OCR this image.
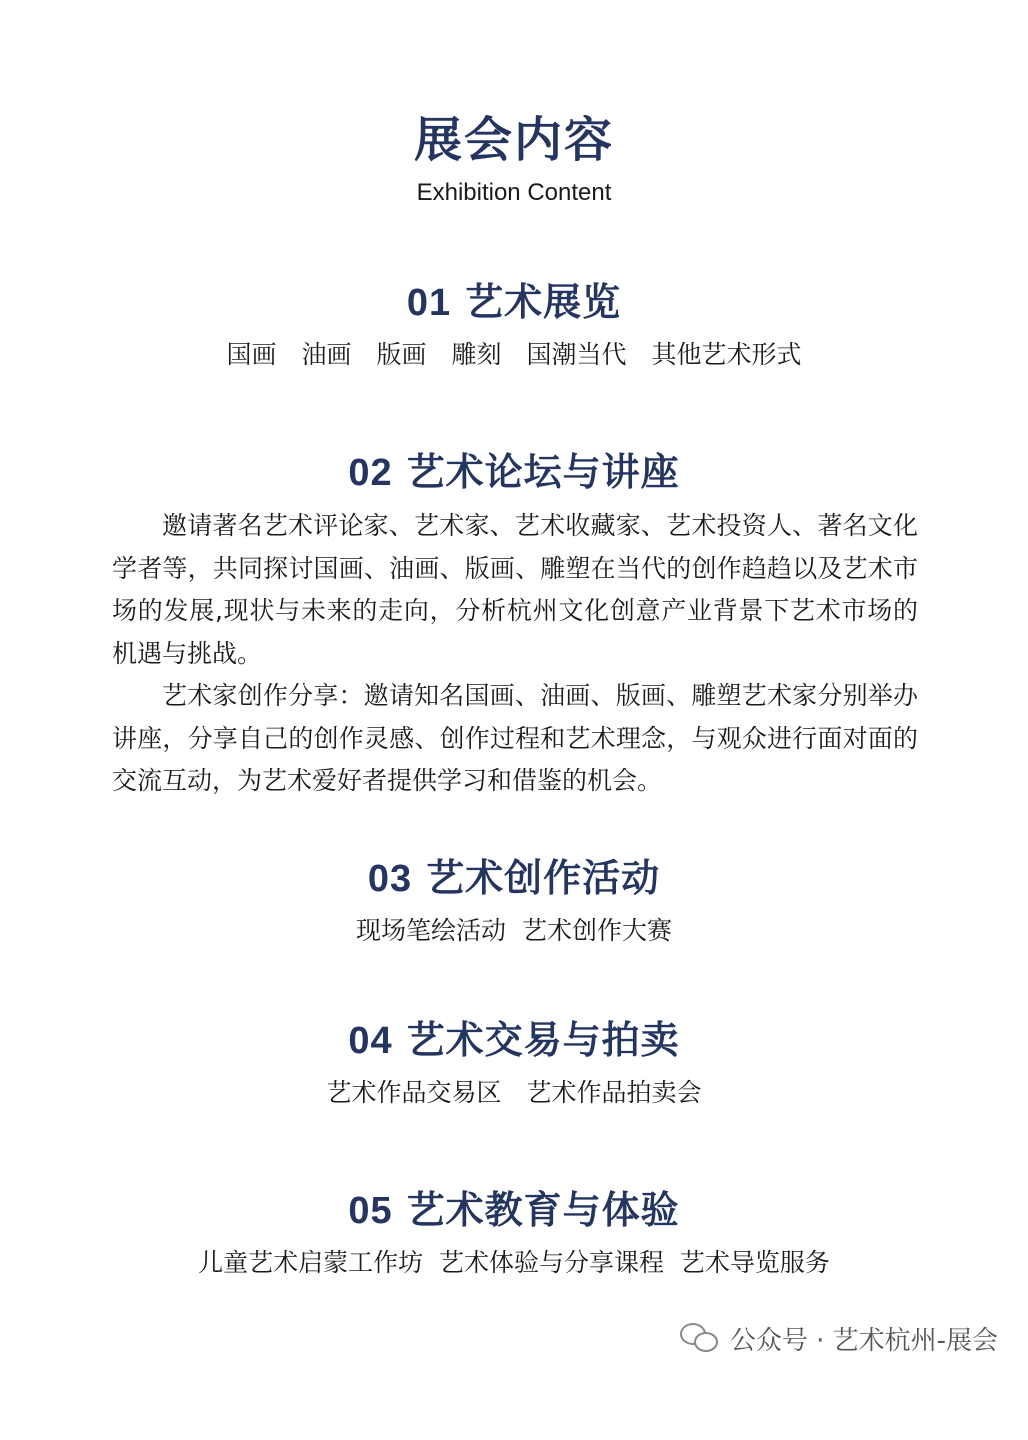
展会内容
Exhibition Content
01 艺术展览
国画　油画　版画　雕刻　国潮当代　其他艺术形式
02 艺术论坛与讲座

邀请著名艺术评论家、艺术家、艺术收藏家、艺术投资人、著名文化学者等，共同探讨国画、油画、版画、雕塑在当代的创作趋趋以及艺术市场的发展,现状与未来的走向，分析杭州文化创意产业背景下艺术市场的机遇与挑战。

艺术家创作分享：邀请知名国画、油画、版画、雕塑艺术家分别举办讲座，分享自己的创作灵感、创作过程和艺术理念，与观众进行面对面的交流互动，为艺术爱好者提供学习和借鉴的机会。

03 艺术创作活动
现场笔绘活动  艺术创作大赛
04 艺术交易与拍卖
艺术作品交易区　艺术作品拍卖会
05 艺术教育与体验
儿童艺术启蒙工作坊  艺术体验与分享课程  艺术导览服务
公众号 · 艺术杭州-展会
